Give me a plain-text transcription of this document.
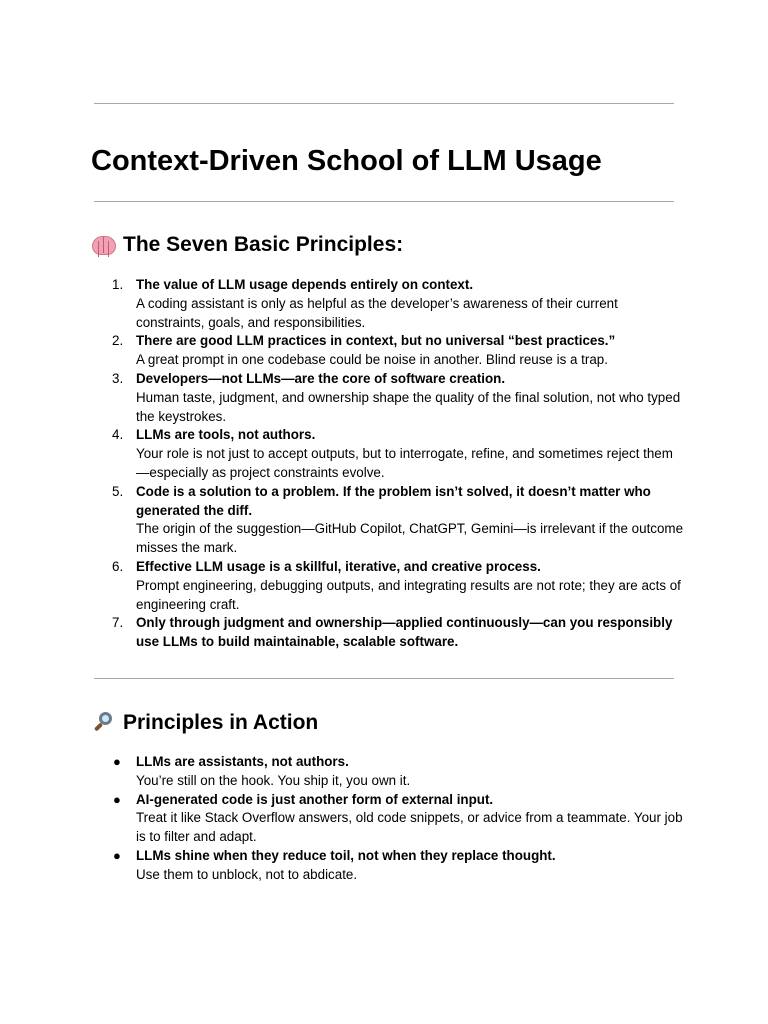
Context-Driven School of LLM Usage
The Seven Basic Principles:
1. The value of LLM usage depends entirely on context.
A coding assistant is only as helpful as the developer’s awareness of their current constraints, goals, and responsibilities.
2. There are good LLM practices in context, but no universal “best practices.”
A great prompt in one codebase could be noise in another. Blind reuse is a trap.
3. Developers—not LLMs—are the core of software creation.
Human taste, judgment, and ownership shape the quality of the final solution, not who typed the keystrokes.
4. LLMs are tools, not authors.
Your role is not just to accept outputs, but to interrogate, refine, and sometimes reject them—especially as project constraints evolve.
5. Code is a solution to a problem. If the problem isn’t solved, it doesn’t matter who generated the diff.
The origin of the suggestion—GitHub Copilot, ChatGPT, Gemini—is irrelevant if the outcome misses the mark.
6. Effective LLM usage is a skillful, iterative, and creative process.
Prompt engineering, debugging outputs, and integrating results are not rote; they are acts of engineering craft.
7. Only through judgment and ownership—applied continuously—can you responsibly use LLMs to build maintainable, scalable software.
Principles in Action
●	LLMs are assistants, not authors.
You’re still on the hook. You ship it, you own it.
●	AI-generated code is just another form of external input.
Treat it like Stack Overflow answers, old code snippets, or advice from a teammate. Your job is to filter and adapt.
●	LLMs shine when they reduce toil, not when they replace thought.
Use them to unblock, not to abdicate.
